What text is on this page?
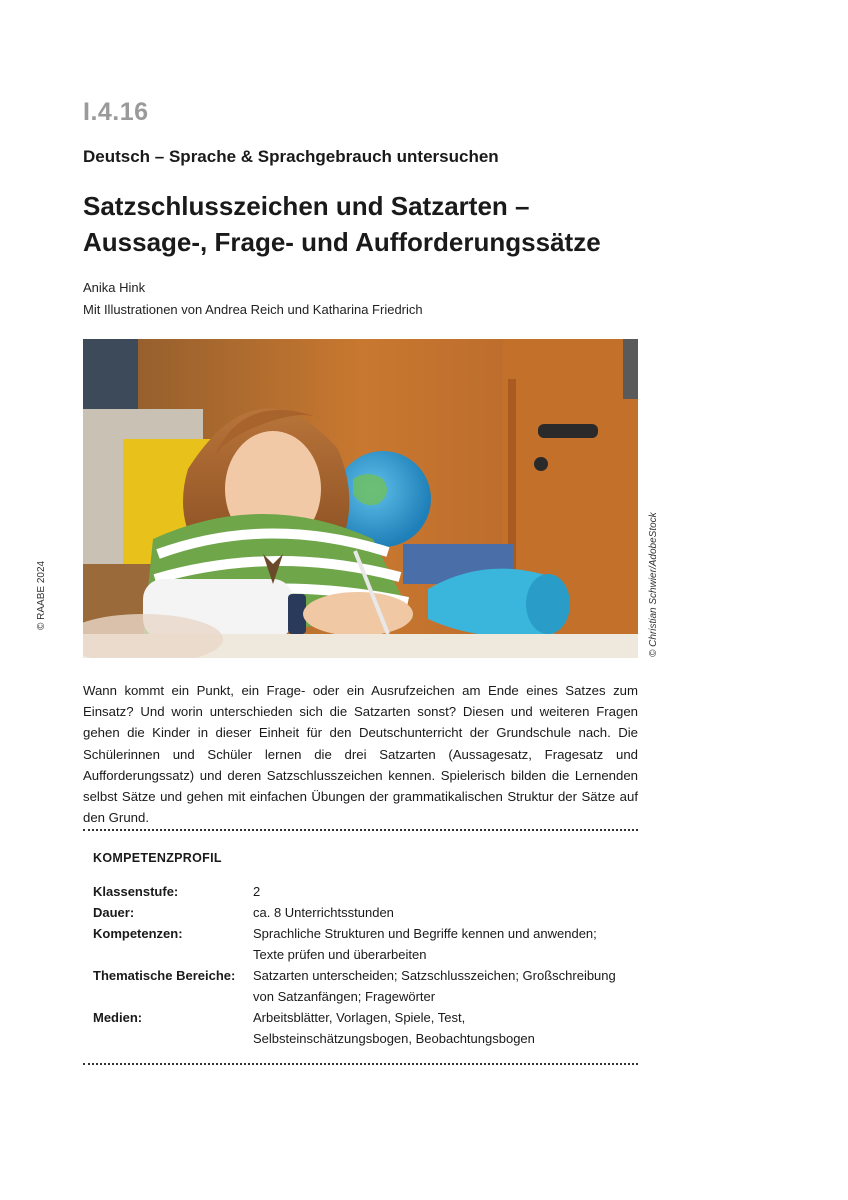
I.4.16
Deutsch – Sprache & Sprachgebrauch untersuchen
Satzschlusszeichen und Satzarten –
Aussage-, Frage- und Aufforderungssätze
Anika Hink
Mit Illustrationen von Andrea Reich und Katharina Friedrich
© RAABE 2024	© Christian Schwier/AdobeStock

Wann kommt ein Punkt, ein Frage- oder ein Ausrufzeichen am Ende eines Satzes zum Einsatz? Und worin unterschieden sich die Satzarten sonst? Diesen und weiteren Fragen gehen die Kinder in dieser Einheit für den Deutschunterricht der Grundschule nach. Die Schülerinnen und Schüler lernen die drei Satzarten (Aussagesatz, Fragesatz und Aufforderungssatz) und deren Satzschlusszeichen kennen. Spielerisch bilden die Lernenden selbst Sätze und gehen mit einfachen Übungen der grammatikalischen Struktur der Sätze auf den Grund.

KOMPETENZPROFIL
Klassenstufe:	2
Dauer:	ca. 8 Unterrichtsstunden
Kompetenzen:	Sprachliche Strukturen und Begriffe kennen und anwenden; Texte prüfen und überarbeiten
Thematische Bereiche:	Satzarten unterscheiden; Satzschlusszeichen; Großschreibung von Satzanfängen; Fragewörter
Medien:	Arbeitsblätter, Vorlagen, Spiele, Test, Selbsteinschätzungsbogen, Beobachtungsbogen
